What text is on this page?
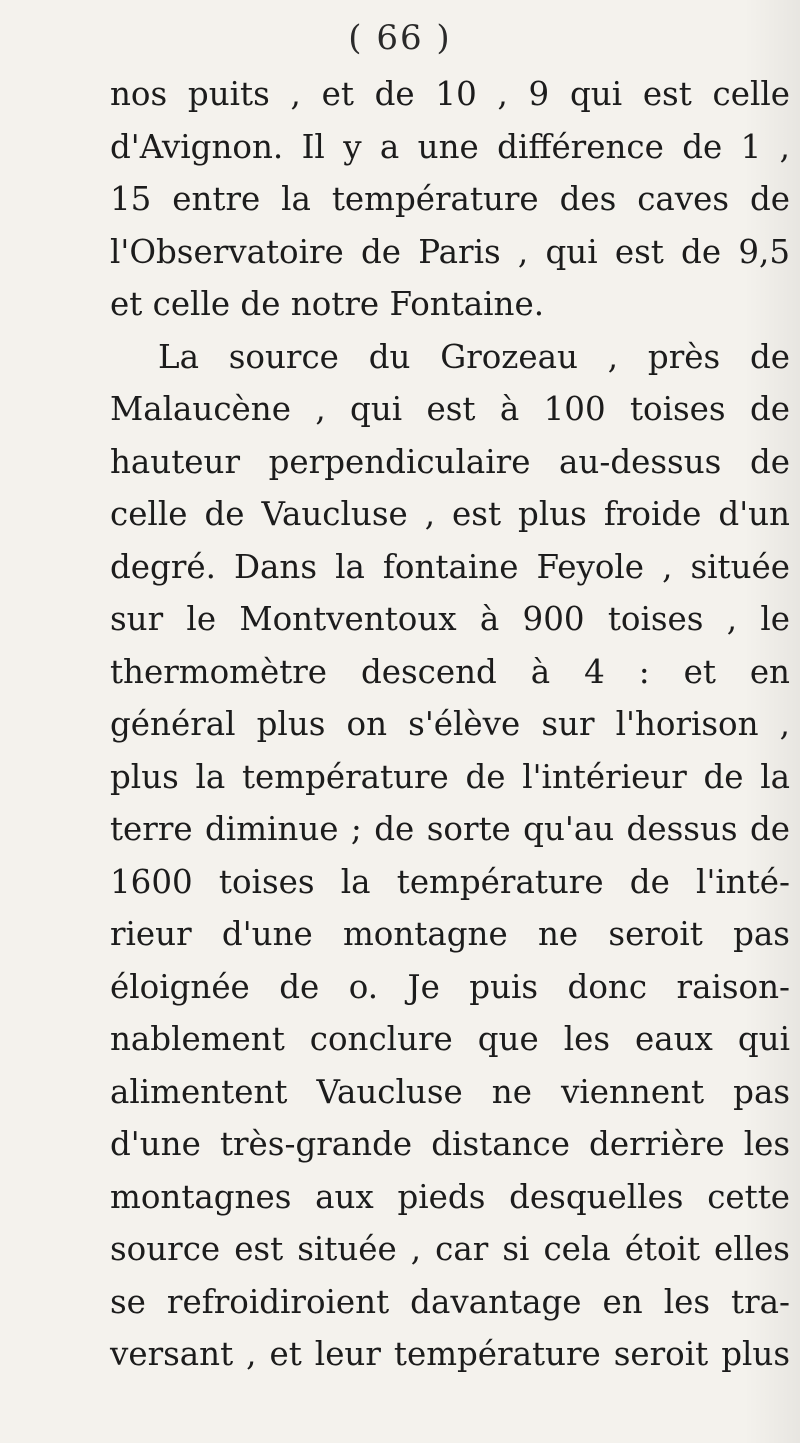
( 66 )
nos puits , et de 10 , 9 qui est celle
d'Avignon. Il y a une différence de 1 ,
15 entre la température des caves de
l'Observatoire de Paris , qui est de 9,5
et celle de notre Fontaine.
La source du Grozeau , près de
Malaucène , qui est à 100 toises de
hauteur perpendiculaire au-dessus de
celle de Vaucluse , est plus froide d'un
degré. Dans la fontaine Feyole , située
sur le Montventoux à 900 toises , le
thermomètre descend à 4 : et en
général plus on s'élève sur l'horison ,
plus la température de l'intérieur de la
terre diminue ; de sorte qu'au dessus de
1600 toises la température de l'inté-
rieur d'une montagne ne seroit pas
éloignée de o. Je puis donc raison-
nablement conclure que les eaux qui
alimentent Vaucluse ne viennent pas
d'une très-grande distance derrière les
montagnes aux pieds desquelles cette
source est située , car si cela étoit elles
se refroidiroient davantage en les tra-
versant , et leur température seroit plus
